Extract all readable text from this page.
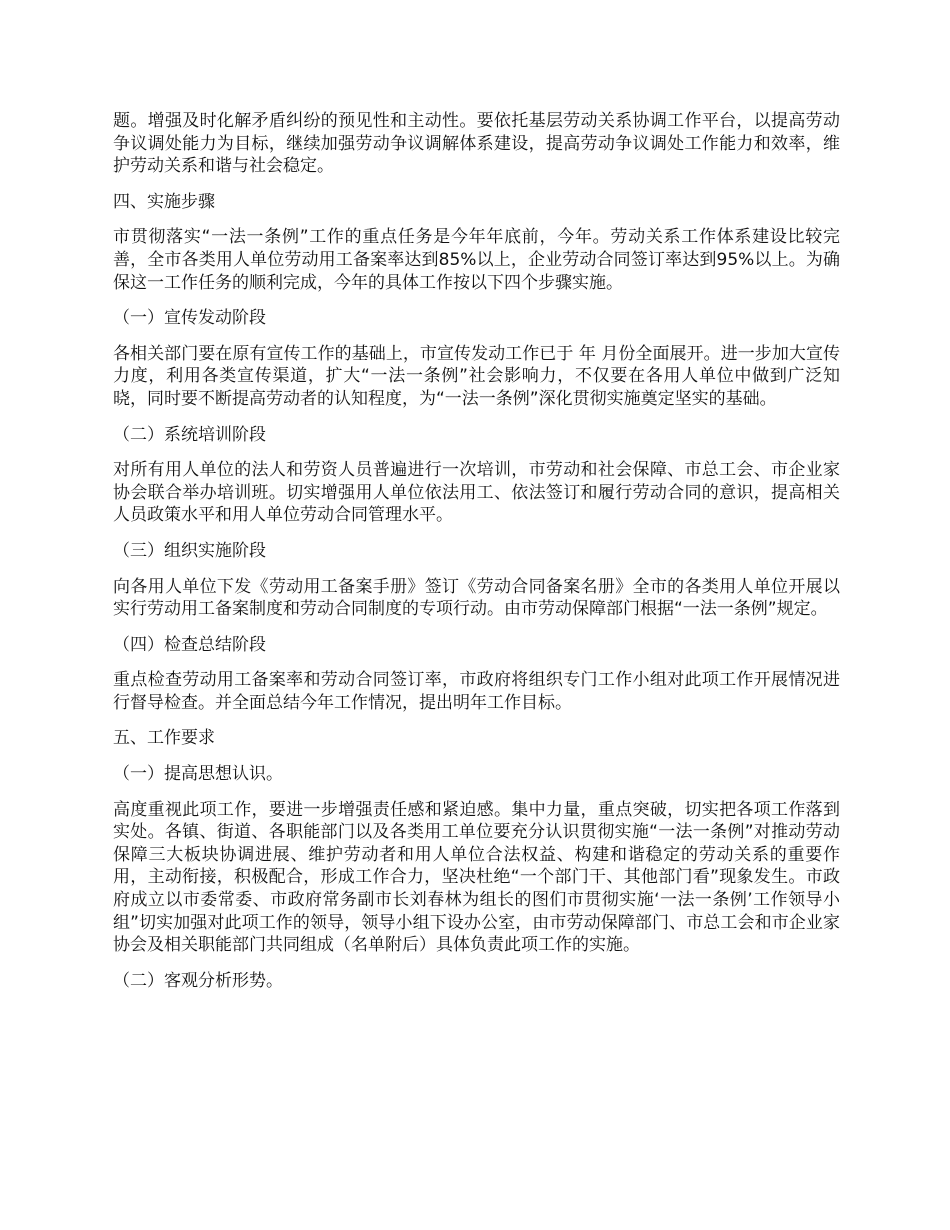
题。增强及时化解矛盾纠纷的预见性和主动性。要依托基层劳动关系协调工作平台，以提高劳动争议调处能力为目标，继续加强劳动争议调解体系建设，提高劳动争议调处工作能力和效率，维护劳动关系和谐与社会稳定。
四、实施步骤
市贯彻落实“一法一条例”工作的重点任务是今年年底前，今年。劳动关系工作体系建设比较完善，全市各类用人单位劳动用工备案率达到85%以上，企业劳动合同签订率达到95%以上。为确保这一工作任务的顺利完成，今年的具体工作按以下四个步骤实施。
（一）宣传发动阶段
各相关部门要在原有宣传工作的基础上，市宣传发动工作已于 年 月份全面展开。进一步加大宣传力度，利用各类宣传渠道，扩大“一法一条例”社会影响力，不仅要在各用人单位中做到广泛知晓，同时要不断提高劳动者的认知程度，为“一法一条例”深化贯彻实施奠定坚实的基础。
（二）系统培训阶段
对所有用人单位的法人和劳资人员普遍进行一次培训，市劳动和社会保障、市总工会、市企业家协会联合举办培训班。切实增强用人单位依法用工、依法签订和履行劳动合同的意识，提高相关人员政策水平和用人单位劳动合同管理水平。
（三）组织实施阶段
向各用人单位下发《劳动用工备案手册》签订《劳动合同备案名册》全市的各类用人单位开展以实行劳动用工备案制度和劳动合同制度的专项行动。由市劳动保障部门根据“一法一条例”规定。
（四）检查总结阶段
重点检查劳动用工备案率和劳动合同签订率，市政府将组织专门工作小组对此项工作开展情况进行督导检查。并全面总结今年工作情况，提出明年工作目标。
五、工作要求
（一）提高思想认识。
高度重视此项工作，要进一步增强责任感和紧迫感。集中力量，重点突破，切实把各项工作落到实处。各镇、街道、各职能部门以及各类用工单位要充分认识贯彻实施“一法一条例”对推动劳动保障三大板块协调进展、维护劳动者和用人单位合法权益、构建和谐稳定的劳动关系的重要作用，主动衔接，积极配合，形成工作合力，坚决杜绝“一个部门干、其他部门看”现象发生。市政府成立以市委常委、市政府常务副市长刘春林为组长的图们市贯彻实施‘一法一条例’工作领导小组”切实加强对此项工作的领导，领导小组下设办公室，由市劳动保障部门、市总工会和市企业家协会及相关职能部门共同组成（名单附后）具体负责此项工作的实施。
（二）客观分析形势。
